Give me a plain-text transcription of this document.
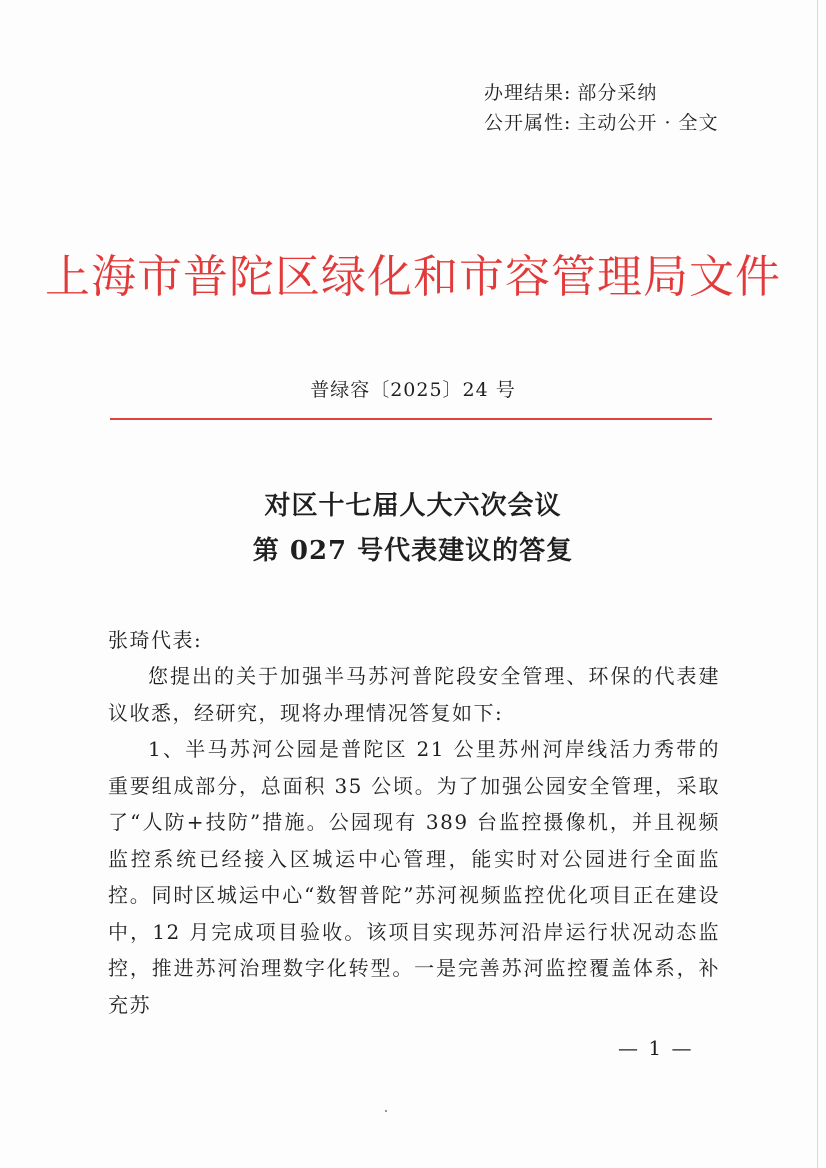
办理结果: 部分采纳
公开属性: 主动公开 · 全文
上海市普陀区绿化和市容管理局文件
普绿容〔2025〕24 号
对区十七届人大六次会议
第 027 号代表建议的答复
张琦代表:
您提出的关于加强半马苏河普陀段安全管理、环保的代表建议收悉，经研究，现将办理情况答复如下:
1、半马苏河公园是普陀区 21 公里苏州河岸线活力秀带的重要组成部分，总面积 35 公顷。为了加强公园安全管理，采取了“人防+技防”措施。公园现有 389 台监控摄像机，并且视频监控系统已经接入区城运中心管理，能实时对公园进行全面监控。同时区城运中心“数智普陀”苏河视频监控优化项目正在建设中，12 月完成项目验收。该项目实现苏河沿岸运行状况动态监控，推进苏河治理数字化转型。一是完善苏河监控覆盖体系，补充苏
— 1 —
